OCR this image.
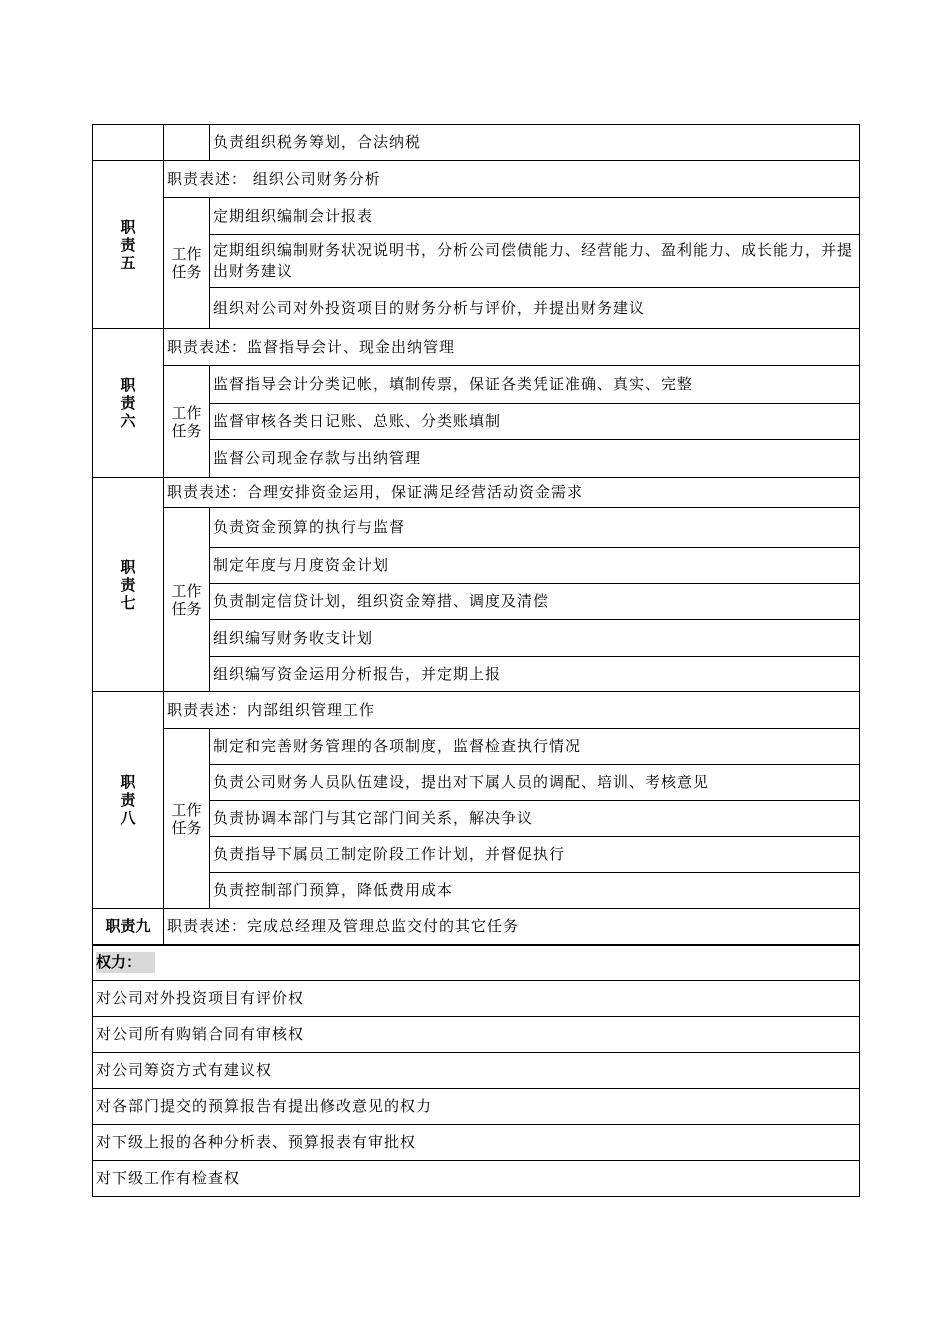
		负责组织税务筹划，合法纳税

职责五	职责表述： 组织公司财务分析	

	工作任务	定期组织编制会计报表
		定期组织编制财务状况说明书，分析公司偿债能力、经营能力、盈利能力、成长能力，并提出财务建议
		组织对公司对外投资项目的财务分析与评价，并提出财务建议

职责六	职责表述：监督指导会计、现金出纳管理	

	工作任务	监督指导会计分类记帐，填制传票，保证各类凭证准确、真实、完整
		监督审核各类日记账、总账、分类账填制
		监督公司现金存款与出纳管理

职责七	职责表述：合理安排资金运用，保证满足经营活动资金需求	

	工作任务	负责资金预算的执行与监督
		制定年度与月度资金计划
		负责制定信贷计划，组织资金筹措、调度及清偿
		组织编写财务收支计划
		组织编写资金运用分析报告，并定期上报

职责八	职责表述：内部组织管理工作	

	工作任务	制定和完善财务管理的各项制度，监督检查执行情况
		负责公司财务人员队伍建设，提出对下属人员的调配、培训、考核意见
		负责协调本部门与其它部门间关系，解决争议
		负责指导下属员工制定阶段工作计划，并督促执行
		负责控制部门预算，降低费用成本
职责九	职责表述：完成总经理及管理总监交付的其它任务	
权力：		
对公司对外投资项目有评价权		
对公司所有购销合同有审核权		
对公司筹资方式有建议权		
对各部门提交的预算报告有提出修改意见的权力		
对下级上报的各种分析表、预算报表有审批权		
对下级工作有检查权		
